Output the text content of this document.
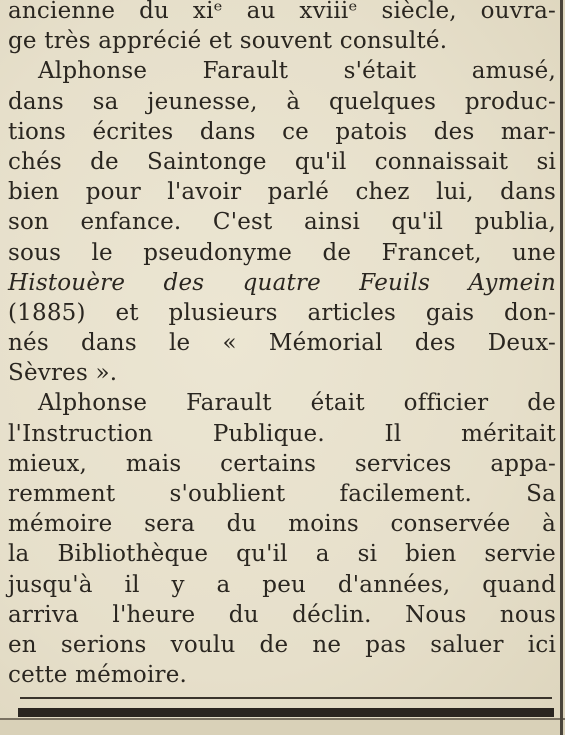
ancienne du xiᵉ au xviiiᵉ siècle, ouvra-
ge très apprécié et souvent consulté.
Alphonse Farault s'était amusé,
dans sa jeunesse, à quelques produc-
tions écrites dans ce patois des mar-
chés de Saintonge qu'il connaissait si
bien pour l'avoir parlé chez lui, dans
son enfance. C'est ainsi qu'il publia,
sous le pseudonyme de Francet, une
Histouère des quatre Feuils Aymein
(1885) et plusieurs articles gais don-
nés dans le « Mémorial des Deux-
Sèvres ».
Alphonse Farault était officier de
l'Instruction Publique. Il méritait
mieux, mais certains services appa-
remment s'oublient facilement. Sa
mémoire sera du moins conservée à
la Bibliothèque qu'il a si bien servie
jusqu'à il y a peu d'années, quand
arriva l'heure du déclin. Nous nous
en serions voulu de ne pas saluer ici
cette mémoire.
